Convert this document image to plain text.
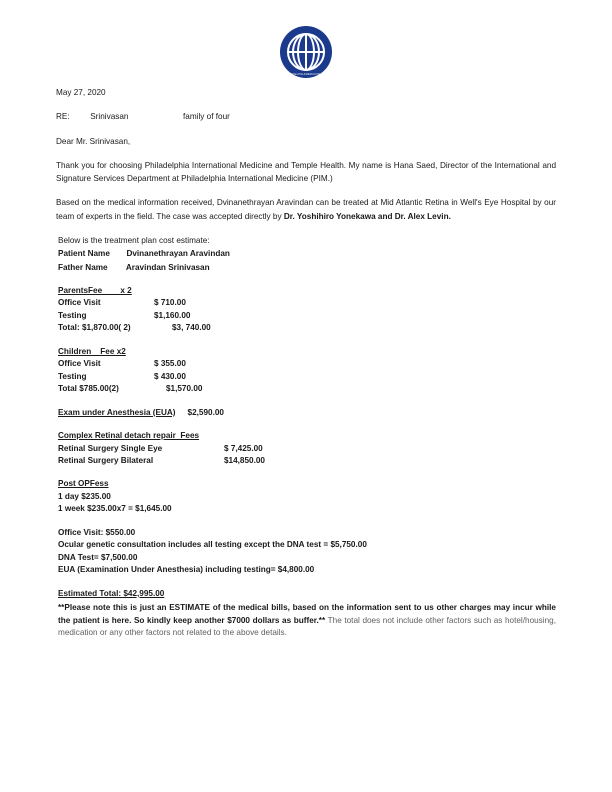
PHILADELPHIAMEDICINE.COM
May 27, 2020
RE:	Srinivasan	family of four
Dear Mr. Srinivasan,
Thank you for choosing Philadelphia International Medicine and Temple Health. My name is Hana Saed, Director of the International and Signature Services Department at Philadelphia International Medicine (PIM.)
Based on the medical information received, Dvinanethrayan Aravindan can be treated at Mid Atlantic Retina in Well's Eye Hospital by our team of experts in the field. The case was accepted directly by Dr. Yoshihiro Yonekawa and Dr. Alex Levin.
Below is the treatment plan cost estimate:
Patient Name Dvinanethrayan Aravindan
Father Name Aravindan Srinivasan
ParentsFee        x 2
Office Visit	$ 710.00
Testing	$1,160.00
Total: $1,870.00( 2)	$3, 740.00
Children    Fee x2
Office Visit	$ 355.00
Testing	$ 430.00
Total $785.00(2)	$1,570.00
Exam under Anesthesia (EUA) $2,590.00
Complex Retinal detach repair  Fees
Retinal Surgery Single Eye	$ 7,425.00
Retinal Surgery Bilateral	$14,850.00
Post OPFess
1 day $235.00
1 week $235.00x7 = $1,645.00
Office Visit: $550.00
Ocular genetic consultation includes all testing except the DNA test = $5,750.00
DNA Test= $7,500.00
EUA (Examination Under Anesthesia) including testing= $4,800.00
Estimated Total: $42,995.00
**Please note this is just an ESTIMATE of the medical bills, based on the information sent to us other charges may incur while the patient is here. So kindly keep another $7000 dollars as buffer.** The total does not include other factors such as hotel/housing, medication or any other factors not related to the above details.
